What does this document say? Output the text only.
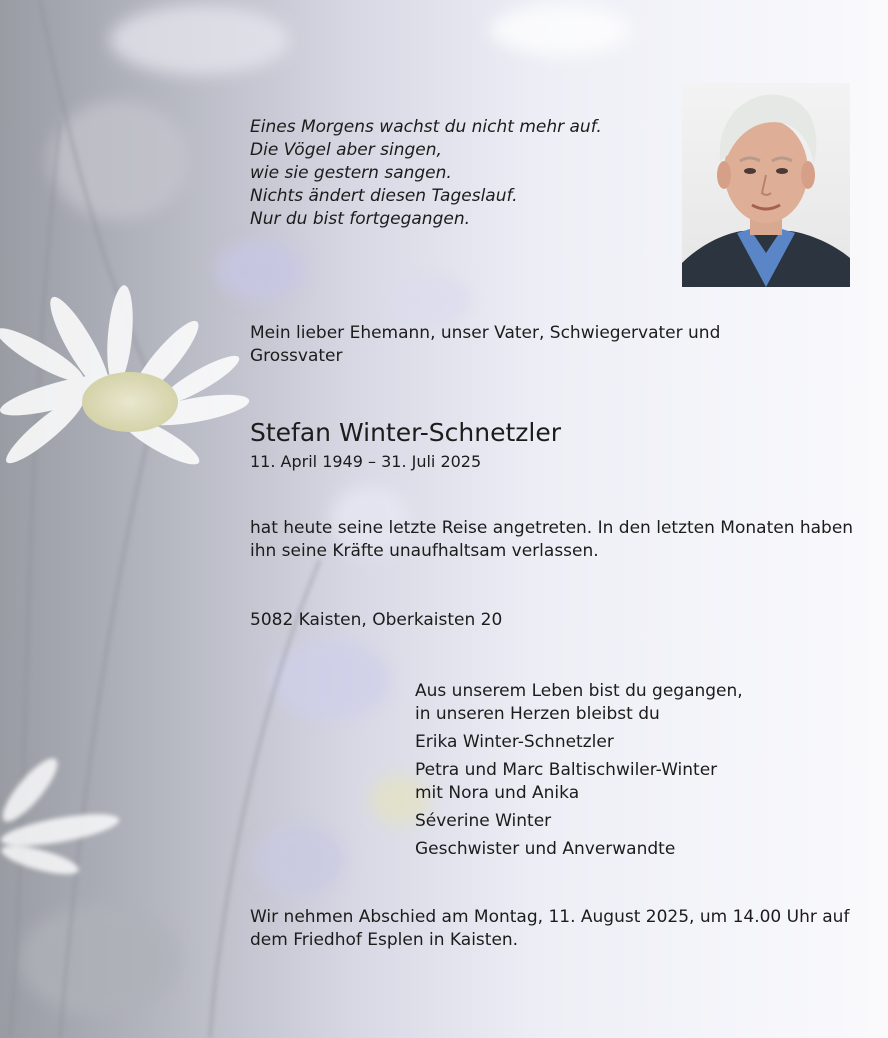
Eines Morgens wachst du nicht mehr auf.
Die Vögel aber singen,
wie sie gestern sangen.
Nichts ändert diesen Tageslauf.
Nur du bist fortgegangen.

Mein lieber Ehemann, unser Vater, Schwiegervater und Grossvater

Stefan Winter-Schnetzler

11. April 1949 – 31. Juli 2025

hat heute seine letzte Reise angetreten. In den letzten Monaten haben ihn seine Kräfte unaufhaltsam verlassen.

5082 Kaisten, Oberkaisten 20

Aus unserem Leben bist du gegangen,
in unseren Herzen bleibst du
Erika Winter-Schnetzler
Petra und Marc Baltischwiler-Winter
mit Nora und Anika
Séverine Winter
Geschwister und Anverwandte

Wir nehmen Abschied am Montag, 11. August 2025, um 14.00 Uhr auf dem Friedhof Esplen in Kaisten.
